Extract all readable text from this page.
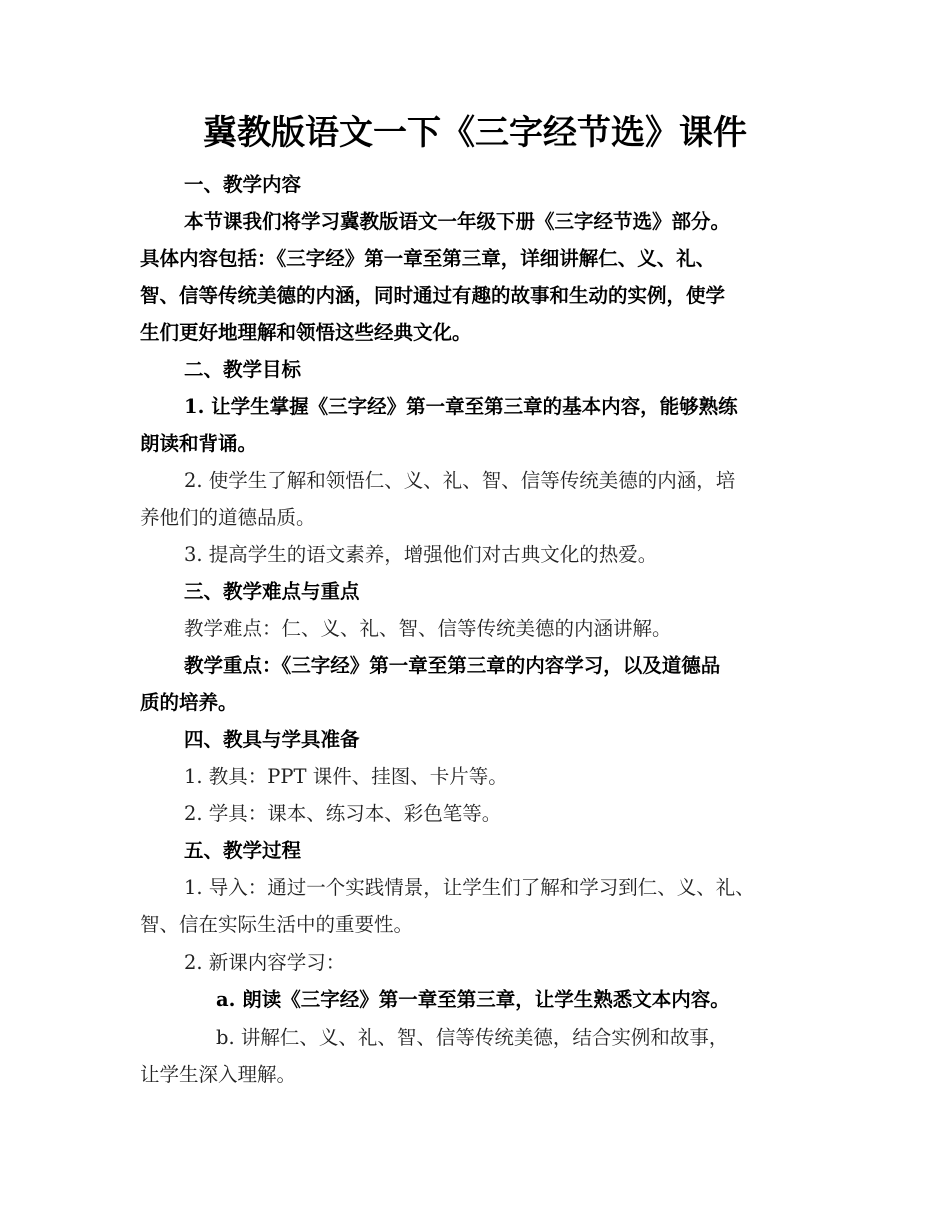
冀教版语文一下《三字经节选》课件

一、教学内容

本节课我们将学习冀教版语文一年级下册《三字经节选》部分。

具体内容包括：《三字经》第一章至第三章，详细讲解仁、义、礼、

智、信等传统美德的内涵，同时通过有趣的故事和生动的实例，使学

生们更好地理解和领悟这些经典文化。

二、教学目标

1. 让学生掌握《三字经》第一章至第三章的基本内容，能够熟练

朗读和背诵。

2. 使学生了解和领悟仁、义、礼、智、信等传统美德的内涵，培

养他们的道德品质。

3. 提高学生的语文素养，增强他们对古典文化的热爱。

三、教学难点与重点

教学难点：仁、义、礼、智、信等传统美德的内涵讲解。

教学重点：《三字经》第一章至第三章的内容学习，以及道德品

质的培养。

四、教具与学具准备

1. 教具：PPT 课件、挂图、卡片等。

2. 学具：课本、练习本、彩色笔等。

五、教学过程

1. 导入：通过一个实践情景，让学生们了解和学习到仁、义、礼、

智、信在实际生活中的重要性。

2. 新课内容学习：

a. 朗读《三字经》第一章至第三章，让学生熟悉文本内容。

b. 讲解仁、义、礼、智、信等传统美德，结合实例和故事，

让学生深入理解。
